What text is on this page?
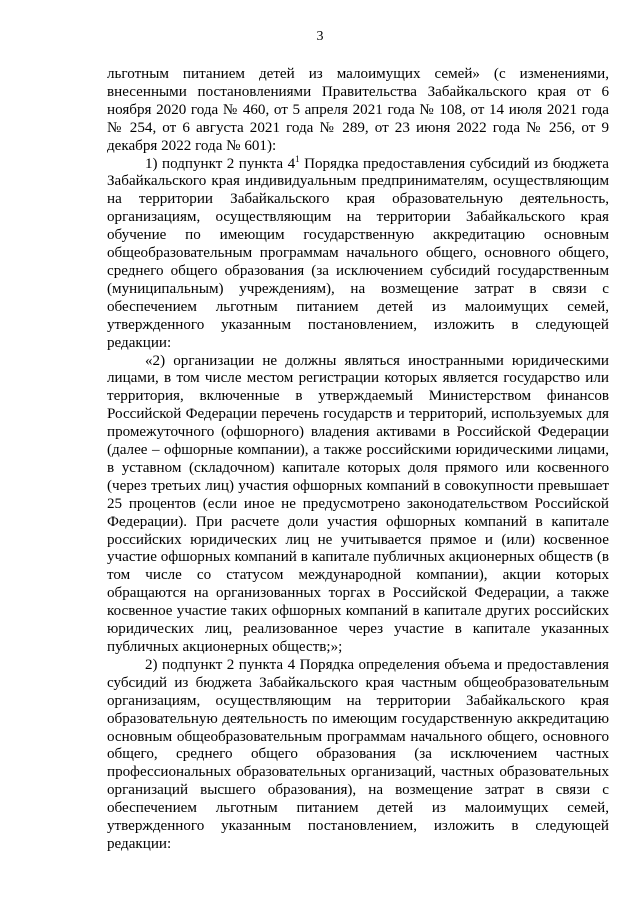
3

льготным питанием детей из малоимущих семей» (с изменениями, внесенными постановлениями Правительства Забайкальского края от 6 ноября 2020 года № 460, от 5 апреля 2021 года № 108, от 14 июля 2021 года № 254, от 6 августа 2021 года № 289, от 23 июня 2022 года № 256, от 9 декабря 2022 года № 601):

1) подпункт 2 пункта $4^1$ Порядка предоставления субсидий из бюджета Забайкальского края индивидуальным предпринимателям, осуществляющим на территории Забайкальского края образовательную деятельность, организациям, осуществляющим на территории Забайкальского края обучение по имеющим государственную аккредитацию основным общеобразовательным программам начального общего, основного общего, среднего общего образования (за исключением субсидий государственным (муниципальным) учреждениям), на возмещение затрат в связи с обеспечением льготным питанием детей из малоимущих семей, утвержденного указанным постановлением, изложить в следующей редакции:

«2) организации не должны являться иностранными юридическими лицами, в том числе местом регистрации которых является государство или территория, включенные в утверждаемый Министерством финансов Российской Федерации перечень государств и территорий, используемых для промежуточного (офшорного) владения активами в Российской Федерации (далее – офшорные компании), а также российскими юридическими лицами, в уставном (складочном) капитале которых доля прямого или косвенного (через третьих лиц) участия офшорных компаний в совокупности превышает 25 процентов (если иное не предусмотрено законодательством Российской Федерации). При расчете доли участия офшорных компаний в капитале российских юридических лиц не учитывается прямое и (или) косвенное участие офшорных компаний в капитале публичных акционерных обществ (в том числе со статусом международной компании), акции которых обращаются на организованных торгах в Российской Федерации, а также косвенное участие таких офшорных компаний в капитале других российских юридических лиц, реализованное через участие в капитале указанных публичных акционерных обществ;»;

2) подпункт 2 пункта 4 Порядка определения объема и предоставления субсидий из бюджета Забайкальского края частным общеобразовательным организациям, осуществляющим на территории Забайкальского края образовательную деятельность по имеющим государственную аккредитацию основным общеобразовательным программам начального общего, основного общего, среднего общего образования (за исключением частных профессиональных образовательных организаций, частных образовательных организаций высшего образования), на возмещение затрат в связи с обеспечением льготным питанием детей из малоимущих семей, утвержденного указанным постановлением, изложить в следующей редакции:
